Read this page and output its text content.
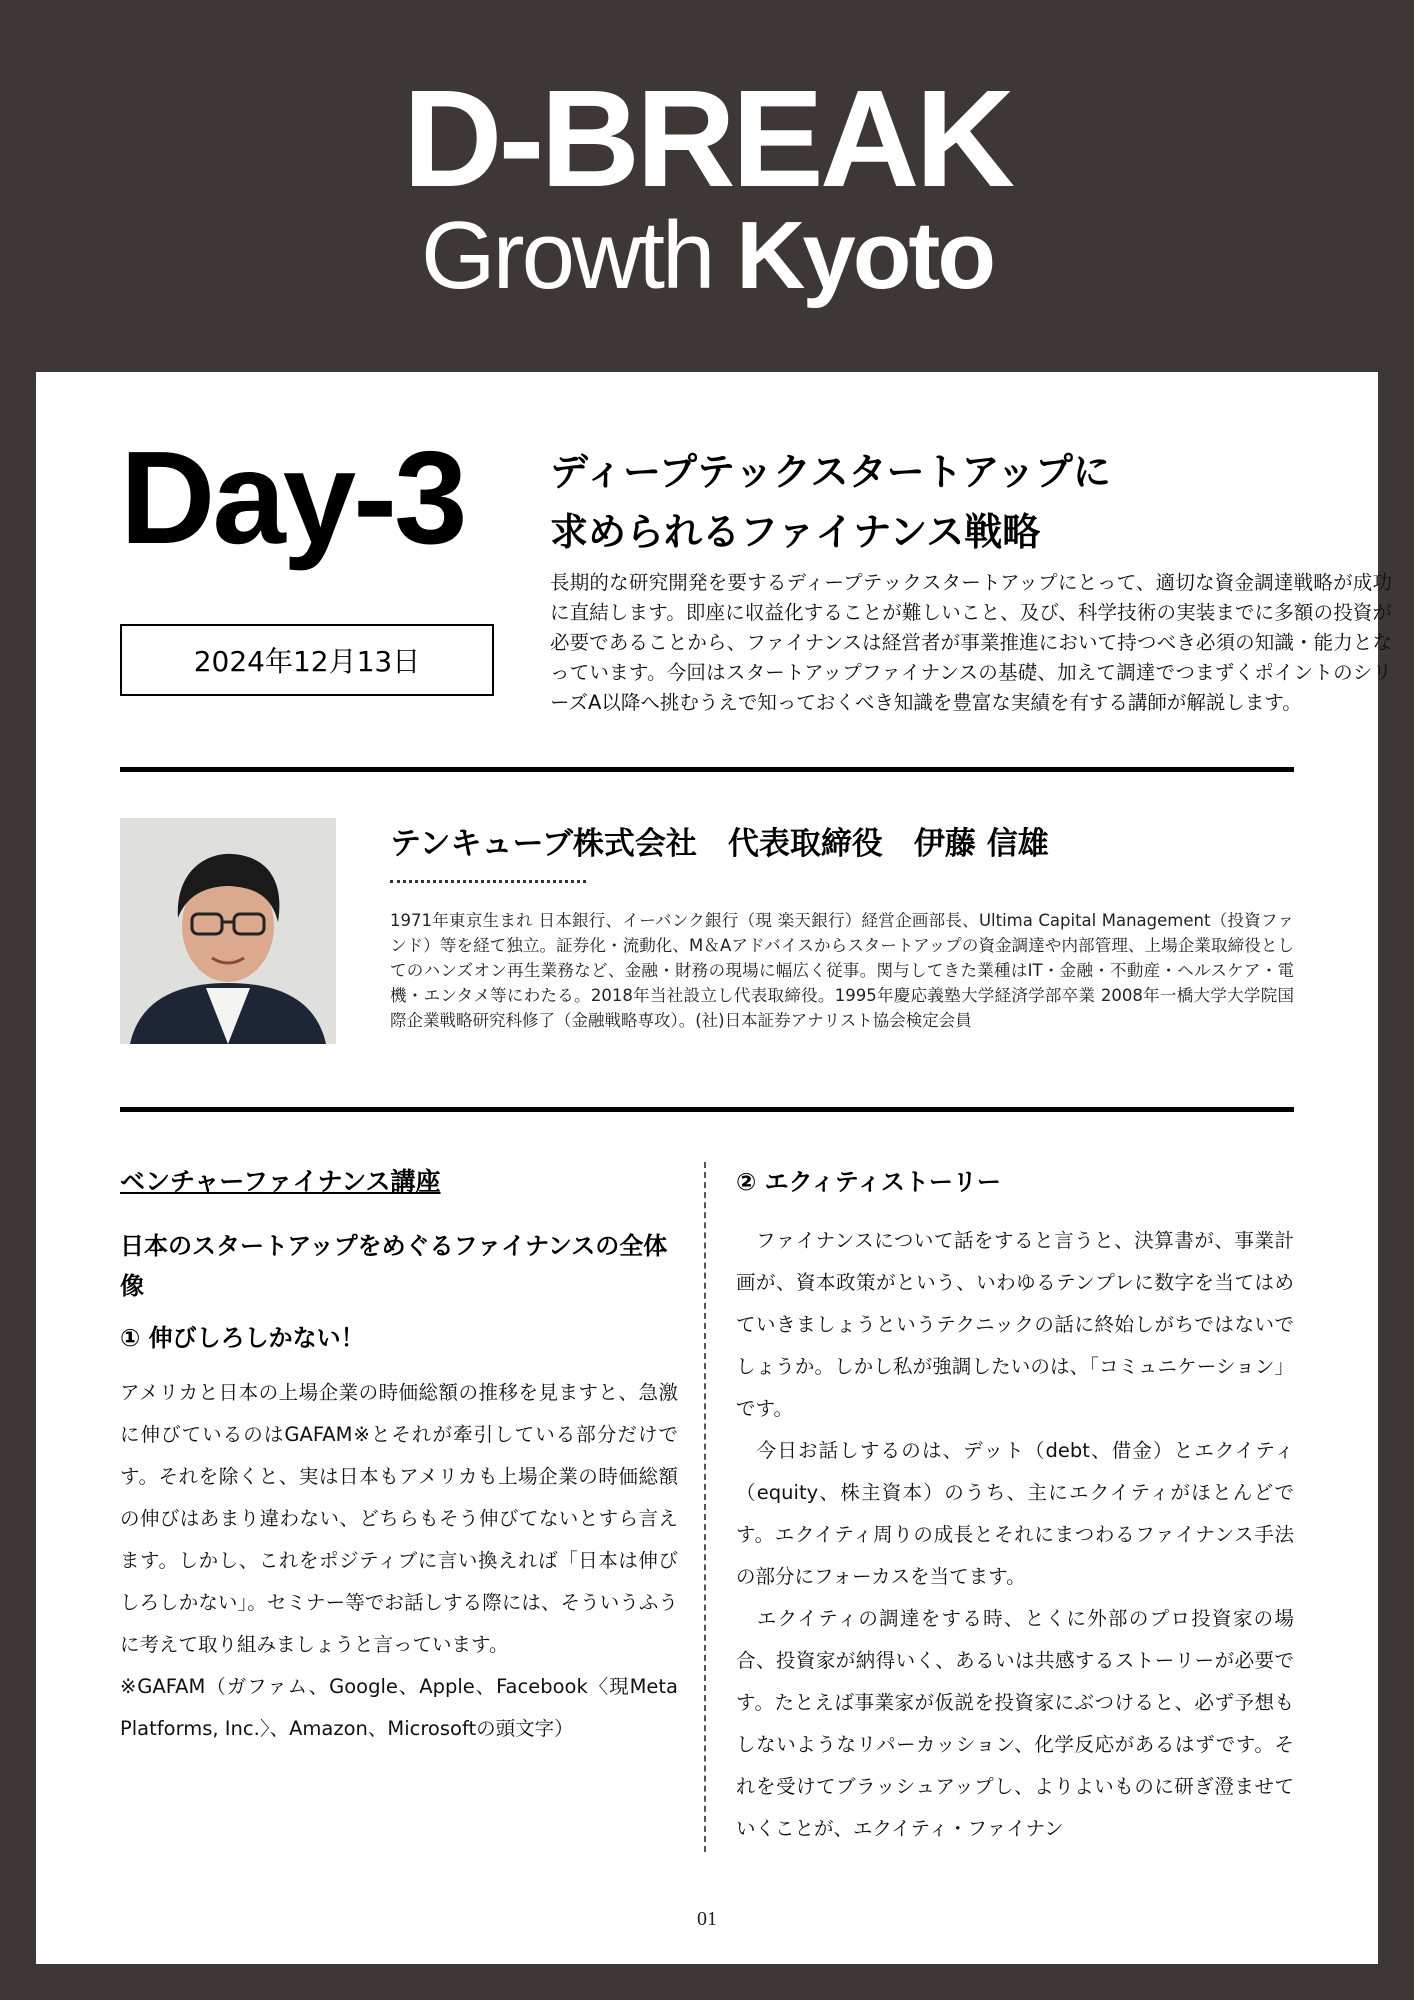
D-BREAK
Growth Kyoto
Day-3
2024年12月13日
ディープテックスタートアップに
求められるファイナンス戦略
長期的な研究開発を要するディープテックスタートアップにとって、適切な資金調達戦略が成功に直結します。即座に収益化することが難しいこと、及び、科学技術の実装までに多額の投資が必要であることから、ファイナンスは経営者が事業推進において持つべき必須の知識・能力となっています。今回はスタートアップファイナンスの基礎、加えて調達でつまずくポイントのシリーズA以降へ挑むうえで知っておくべき知識を豊富な実績を有する講師が解説します。
テンキューブ株式会社　代表取締役　伊藤 信雄
1971年東京生まれ 日本銀行、イーバンク銀行（現 楽天銀行）経営企画部長、Ultima Capital Management（投資ファンド）等を経て独立。証券化・流動化、M＆Aアドバイスからスタートアップの資金調達や内部管理、上場企業取締役としてのハンズオン再生業務など、金融・財務の現場に幅広く従事。関与してきた業種はIT・金融・不動産・ヘルスケア・電機・エンタメ等にわたる。2018年当社設立し代表取締役。1995年慶応義塾大学経済学部卒業 2008年一橋大学大学院国際企業戦略研究科修了（金融戦略専攻）。(社)日本証券アナリスト協会検定会員
ベンチャーファイナンス講座
日本のスタートアップをめぐるファイナンスの全体像
① 伸びしろしかない！

アメリカと日本の上場企業の時価総額の推移を見ますと、急激に伸びているのはGAFAM※とそれが牽引している部分だけです。それを除くと、実は日本もアメリカも上場企業の時価総額の伸びはあまり違わない、どちらもそう伸びてないとすら言えます。しかし、これをポジティブに言い換えれば「日本は伸びしろしかない」。セミナー等でお話しする際には、そういうふうに考えて取り組みましょうと言っています。

※GAFAM（ガファム、Google、Apple、Facebook〈現Meta Platforms, Inc.〉、Amazon、Microsoftの頭文字）

② エクィティストーリー

　ファイナンスについて話をすると言うと、決算書が、事業計画が、資本政策がという、いわゆるテンプレに数字を当てはめていきましょうというテクニックの話に終始しがちではないでしょうか。しかし私が強調したいのは、「コミュニケーション」です。

　今日お話しするのは、デット（debt、借金）とエクイティ（equity、株主資本）のうち、主にエクイティがほとんどです。エクイティ周りの成長とそれにまつわるファイナンス手法の部分にフォーカスを当てます。

　エクイティの調達をする時、とくに外部のプロ投資家の場合、投資家が納得いく、あるいは共感するストーリーが必要です。たとえば事業家が仮説を投資家にぶつけると、必ず予想もしないようなリパーカッション、化学反応があるはずです。それを受けてブラッシュアップし、よりよいものに研ぎ澄ませていくことが、エクイティ・ファイナン

01
